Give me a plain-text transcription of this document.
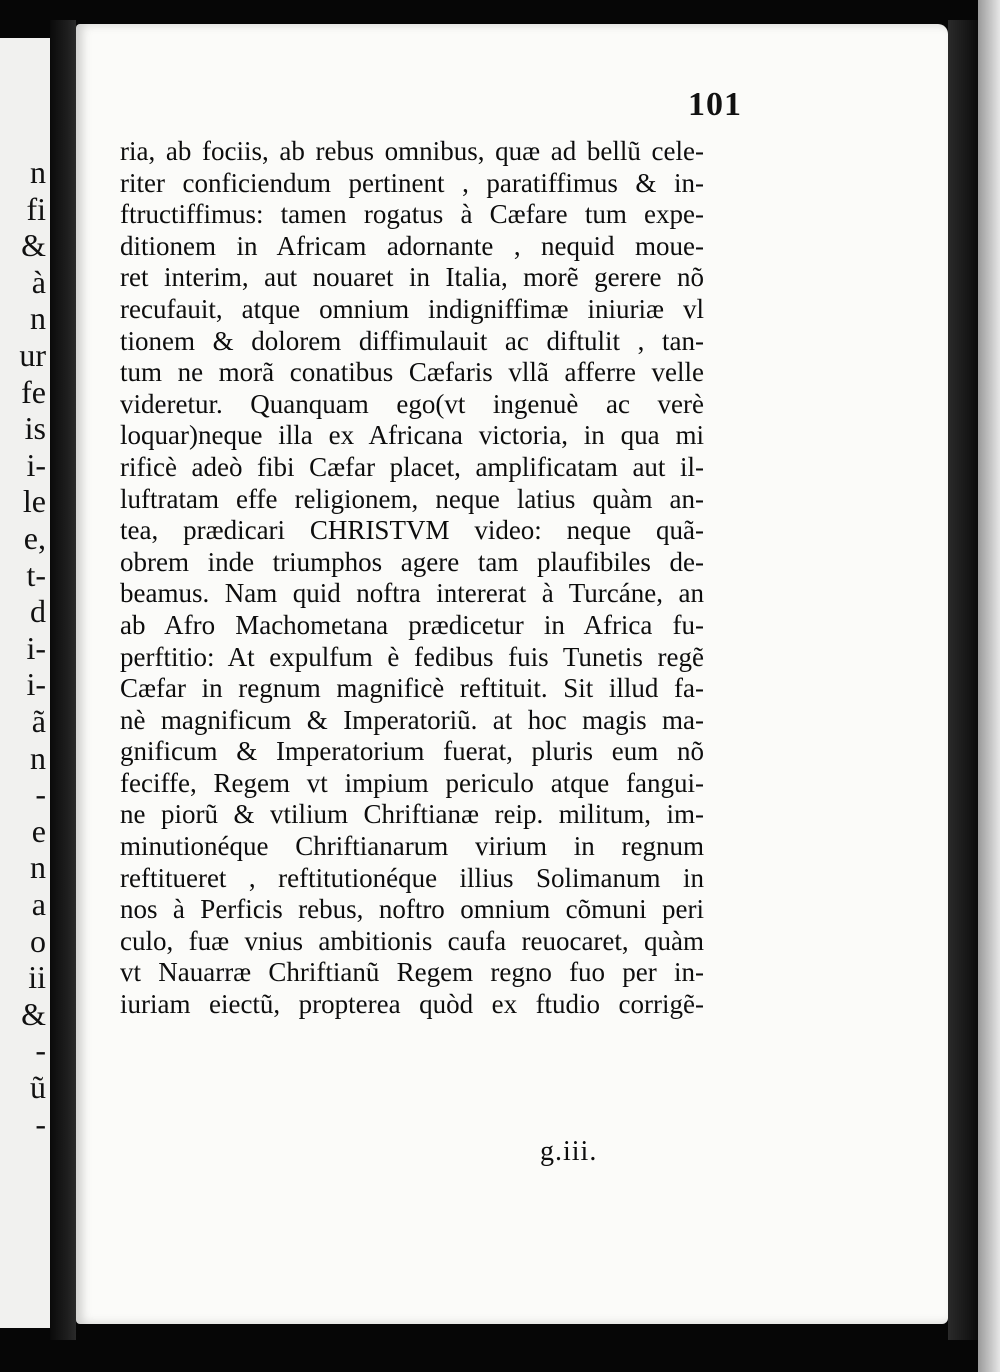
n
fi
&
à
n
ur
fe
is
i-
le
e,
t-
d
i-
i-
ã
n
-
e
n
a
o
ii
&
-
ũ
-
101
ria, ab fociis, ab rebus omnibus, quæ ad bellũ cele-
riter conficiendum pertinent , paratiffimus & in-
ftructiffimus: tamen rogatus à Cæfare tum expe-
ditionem in Africam adornante , nequid moue-
ret interim, aut nouaret in Italia, morẽ gerere nõ
recufauit, atque omnium indigniffimæ iniuriæ vl
tionem & dolorem diffimulauit ac diftulit , tan-
tum ne morã conatibus Cæfaris vllã afferre velle
videretur. Quanquam ego(vt ingenuè ac verè
loquar)neque illa ex Africana victoria, in qua mi
rificè adeò fibi Cæfar placet, amplificatam aut il-
luftratam effe religionem, neque latius quàm an-
tea, prædicari CHRISTVM video: neque quã-
obrem inde triumphos agere tam plaufibiles de-
beamus. Nam quid noftra intererat à Turcáne, an
ab Afro Machometana prædicetur in Africa fu-
perftitio: At expulfum è fedibus fuis Tunetis regẽ
Cæfar in regnum magnificè reftituit. Sit illud fa-
nè magnificum & Imperatoriũ. at hoc magis ma-
gnificum & Imperatorium fuerat, pluris eum nõ
feciffe, Regem vt impium periculo atque fangui-
ne piorũ & vtilium Chriftianæ reip. militum, im-
minutionéque Chriftianarum virium in regnum
reftitueret , reftitutionéque illius Solimanum in
nos à Perficis rebus, noftro omnium cõmuni peri
culo, fuæ vnius ambitionis caufa reuocaret, quàm
vt Nauarræ Chriftianũ Regem regno fuo per in-
iuriam eiectũ, propterea quòd ex ftudio corrigẽ-
g.iii.
